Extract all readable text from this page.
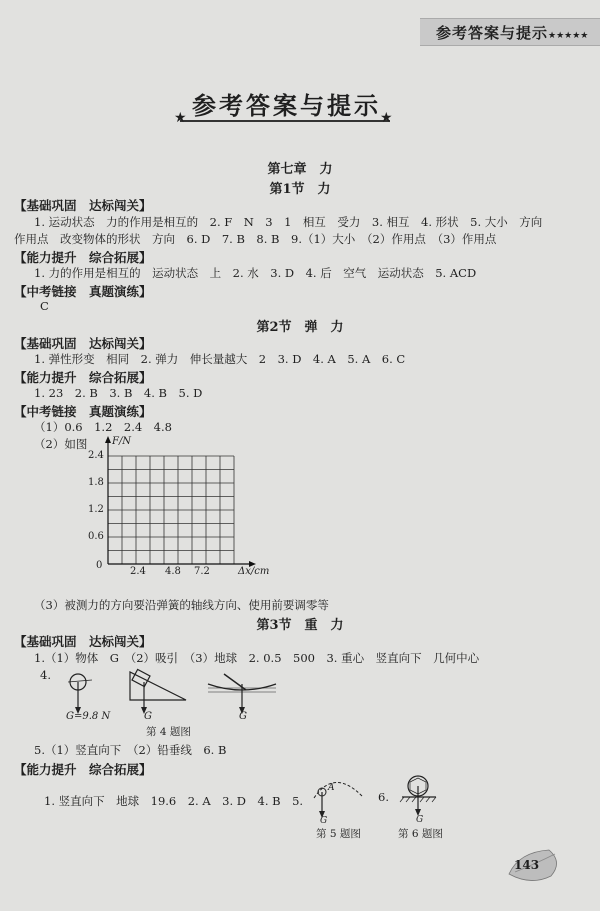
参考答案与提示★★★★★
参考答案与提示
★	★
第七章　力
第1节　力
【基础巩固　达标闯关】
1. 运动状态　力的作用是相互的　2. F　N　3　1　相互　受力　3. 相互　4. 形状　5. 大小　方向
作用点　改变物体的形状　方向　6. D　7. B　8. B　9.（1）大小　（2）作用点　（3）作用点
【能力提升　综合拓展】
1. 力的作用是相互的　运动状态　上　2. 水　3. D　4. 后　空气　运动状态　5. ACD
【中考链接　真题演练】
C
第2节　弹　力
【基础巩固　达标闯关】
1. 弹性形变　相同　2. 弹力　伸长量越大　2　3. D　4. A　5. A　6. C
【能力提升　综合拓展】
1. 23　2. B　3. B　4. B　5. D
【中考链接　真题演练】
（1）0.6　1.2　2.4　4.8
（2）如图 F/N
2.4
1.8
1.2
0.6
0
2.4 4.8 7.2	Δx/cm
（3）被测力的方向要沿弹簧的轴线方向、使用前要调零等
第3节　重　力
【基础巩固　达标闯关】
1.（1）物体　G　（2）吸引　（3）地球　2. 0.5　500　3. 重心　竖直向下　几何中心
4.
G=9.8 N	G	G
第 4 题图
5.（1）竖直向下　（2）铅垂线　6. B
【能力提升　综合拓展】
1. 竖直向下　地球　19.6　2. A　3. D　4. B　5.
A
G
第 5 题图
6.
G
第 6 题图
143
